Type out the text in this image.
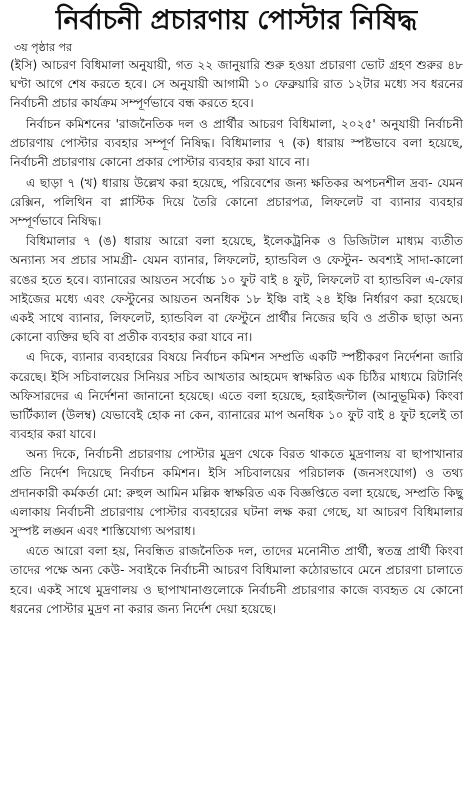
নির্বাচনী প্রচারণায় পোস্টার নিষিদ্ধ
৩য় পৃষ্ঠার পর

(ইসি) আচরণ বিধিমালা অনুযায়ী, গত ২২ জানুয়ারি শুরু হওয়া প্রচারণা ভোট গ্রহণ শুরুর ৪৮ ঘণ্টা আগে শেষ করতে হবে। সে অনুযায়ী আগামী ১০ ফেব্রুয়ারি রাত ১২টার মধ্যে সব ধরনের নির্বাচনী প্রচার কার্যক্রম সম্পূর্ণভাবে বন্ধ করতে হবে।

নির্বাচন কমিশনের 'রাজনৈতিক দল ও প্রার্থীর আচরণ বিধিমালা, ২০২৫' অনুযায়ী নির্বাচনী প্রচারণায় পোস্টার ব্যবহার সম্পূর্ণ নিষিদ্ধ। বিধিমালার ৭ (ক) ধারায় স্পষ্টভাবে বলা হয়েছে, নির্বাচনী প্রচারণায় কোনো প্রকার পোস্টার ব্যবহার করা যাবে না।

এ ছাড়া ৭ (খ) ধারায় উল্লেখ করা হয়েছে, পরিবেশের জন্য ক্ষতিকর অপচনশীল দ্রব্য- যেমন রেক্সিন, পলিথিন বা প্লাস্টিক দিয়ে তৈরি কোনো প্রচারপত্র, লিফলেট বা ব্যানার ব্যবহার সম্পূর্ণভাবে নিষিদ্ধ।

বিধিমালার ৭ (ঙ) ধারায় আরো বলা হয়েছে, ইলেকট্রনিক ও ডিজিটাল মাধ্যম ব্যতীত অন্যান্য সব প্রচার সামগ্রী- যেমন ব্যানার, লিফলেট, হ্যান্ডবিল ও ফেস্টুন- অবশ্যই সাদা-কালো রঙের হতে হবে। ব্যানারের আয়তন সর্বোচ্চ ১০ ফুট বাই ৪ ফুট, লিফলেট বা হ্যান্ডবিল এ-ফোর সাইজের মধ্যে এবং ফেস্টুনের আয়তন অনধিক ১৮ ইঞ্চি বাই ২৪ ইঞ্চি নির্ধারণ করা হয়েছে। একই সাথে ব্যানার, লিফলেট, হ্যান্ডবিল বা ফেস্টুনে প্রার্থীর নিজের ছবি ও প্রতীক ছাড়া অন্য কোনো ব্যক্তির ছবি বা প্রতীক ব্যবহার করা যাবে না।

এ দিকে, ব্যানার ব্যবহারের বিষয়ে নির্বাচন কমিশন সম্প্রতি একটি স্পষ্টীকরণ নির্দেশনা জারি করেছে। ইসি সচিবালয়ের সিনিয়র সচিব আখতার আহমেদ স্বাক্ষরিত এক চিঠির মাধ্যমে রিটার্নিং অফিসারদের এ নির্দেশনা জানানো হয়েছে। এতে বলা হয়েছে, হরাইজন্টাল (আনুভূমিক) কিংবা ভার্টিক্যাল (উলম্ব) যেভাবেই হোক না কেন, ব্যানারের মাপ অনধিক ১০ ফুট বাই ৪ ফুট হলেই তা ব্যবহার করা যাবে।

অন্য দিকে, নির্বাচনী প্রচারণায় পোস্টার মুদ্রণ থেকে বিরত থাকতে মুদ্রণালয় বা ছাপাখানার প্রতি নির্দেশ দিয়েছে নির্বাচন কমিশন। ইসি সচিবালয়ের পরিচালক (জনসংযোগ) ও তথ্য প্রদানকারী কর্মকর্তা মো: রুহুল আমিন মল্লিক স্বাক্ষরিত এক বিজ্ঞপ্তিতে বলা হয়েছে, সম্প্রতি কিছু এলাকায় নির্বাচনী প্রচারণায় পোস্টার ব্যবহারের ঘটনা লক্ষ করা গেছে, যা আচরণ বিধিমালার সুস্পষ্ট লঙ্ঘন এবং শাস্তিযোগ্য অপরাধ।

এতে আরো বলা হয়, নিবন্ধিত রাজনৈতিক দল, তাদের মনোনীত প্রার্থী, স্বতন্ত্র প্রার্থী কিংবা তাদের পক্ষে অন্য কেউ- সবাইকে নির্বাচনী আচরণ বিধিমালা কঠোরভাবে মেনে প্রচারণা চালাতে হবে। একই সাথে মুদ্রণালয় ও ছাপাখানাগুলোকে নির্বাচনী প্রচারণার কাজে ব্যবহৃত যে কোনো ধরনের পোস্টার মুদ্রণ না করার জন্য নির্দেশ দেয়া হয়েছে।
